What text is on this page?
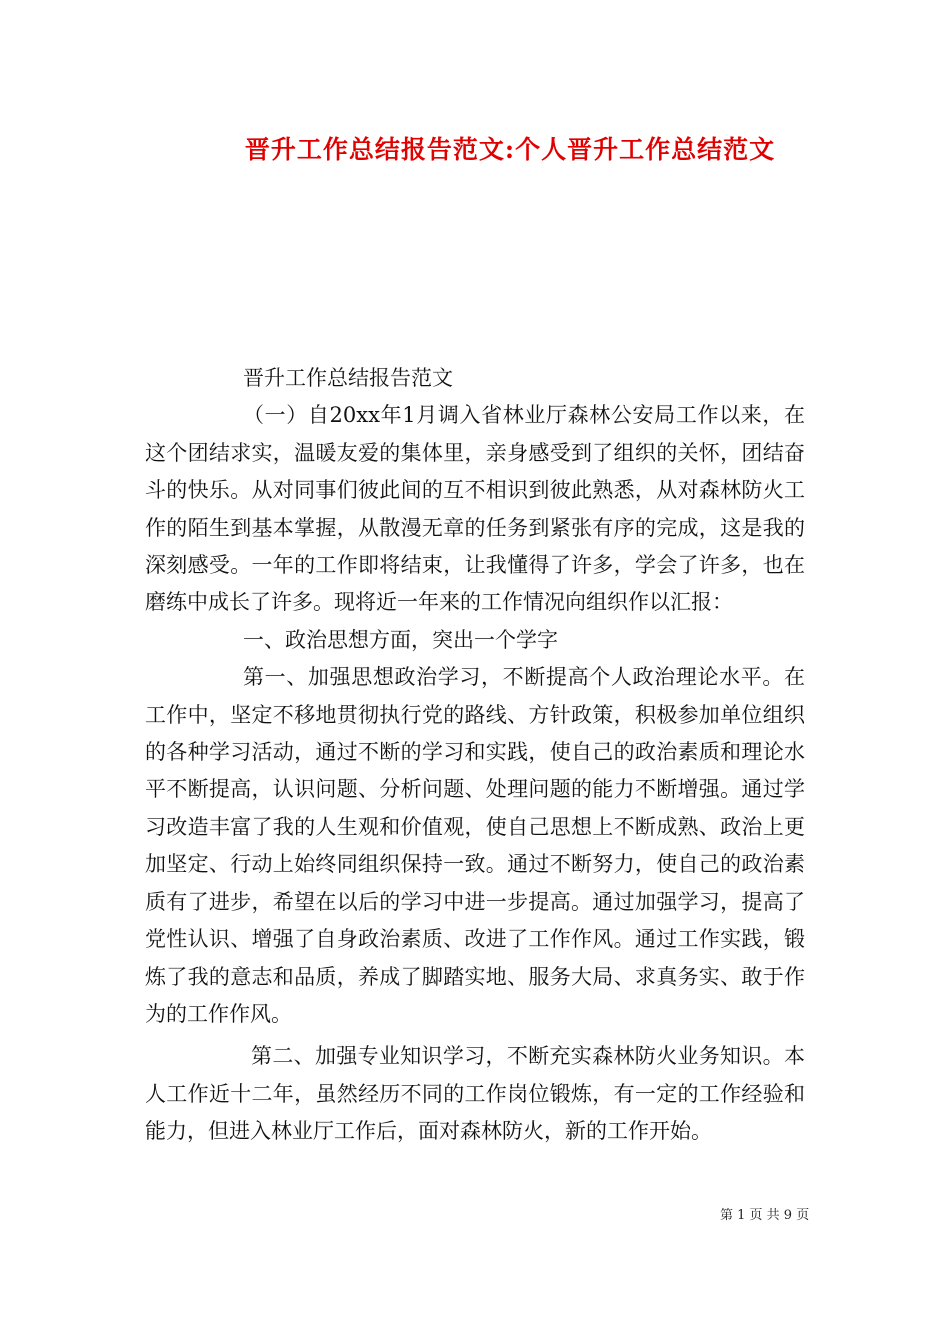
晋升工作总结报告范文:个人晋升工作总结范文

晋升工作总结报告范文

（一）自20xx年1月调入省林业厅森林公安局工作以来，在这个团结求实，温暖友爱的集体里，亲身感受到了组织的关怀，团结奋斗的快乐。从对同事们彼此间的互不相识到彼此熟悉，从对森林防火工作的陌生到基本掌握，从散漫无章的任务到紧张有序的完成，这是我的深刻感受。一年的工作即将结束，让我懂得了许多，学会了许多，也在磨练中成长了许多。现将近一年来的工作情况向组织作以汇报：

一、政治思想方面，突出一个学字

第一、加强思想政治学习，不断提高个人政治理论水平。在工作中，坚定不移地贯彻执行党的路线、方针政策，积极参加单位组织的各种学习活动，通过不断的学习和实践，使自己的政治素质和理论水平不断提高，认识问题、分析问题、处理问题的能力不断增强。通过学习改造丰富了我的人生观和价值观，使自己思想上不断成熟、政治上更加坚定、行动上始终同组织保持一致。通过不断努力，使自己的政治素质有了进步，希望在以后的学习中进一步提高。通过加强学习，提高了党性认识、增强了自身政治素质、改进了工作作风。通过工作实践，锻炼了我的意志和品质，养成了脚踏实地、服务大局、求真务实、敢于作为的工作作风。

第二、加强专业知识学习，不断充实森林防火业务知识。本人工作近十二年，虽然经历不同的工作岗位锻炼，有一定的工作经验和能力，但进入林业厅工作后，面对森林防火，新的工作开始。

第 1 页 共 9 页
